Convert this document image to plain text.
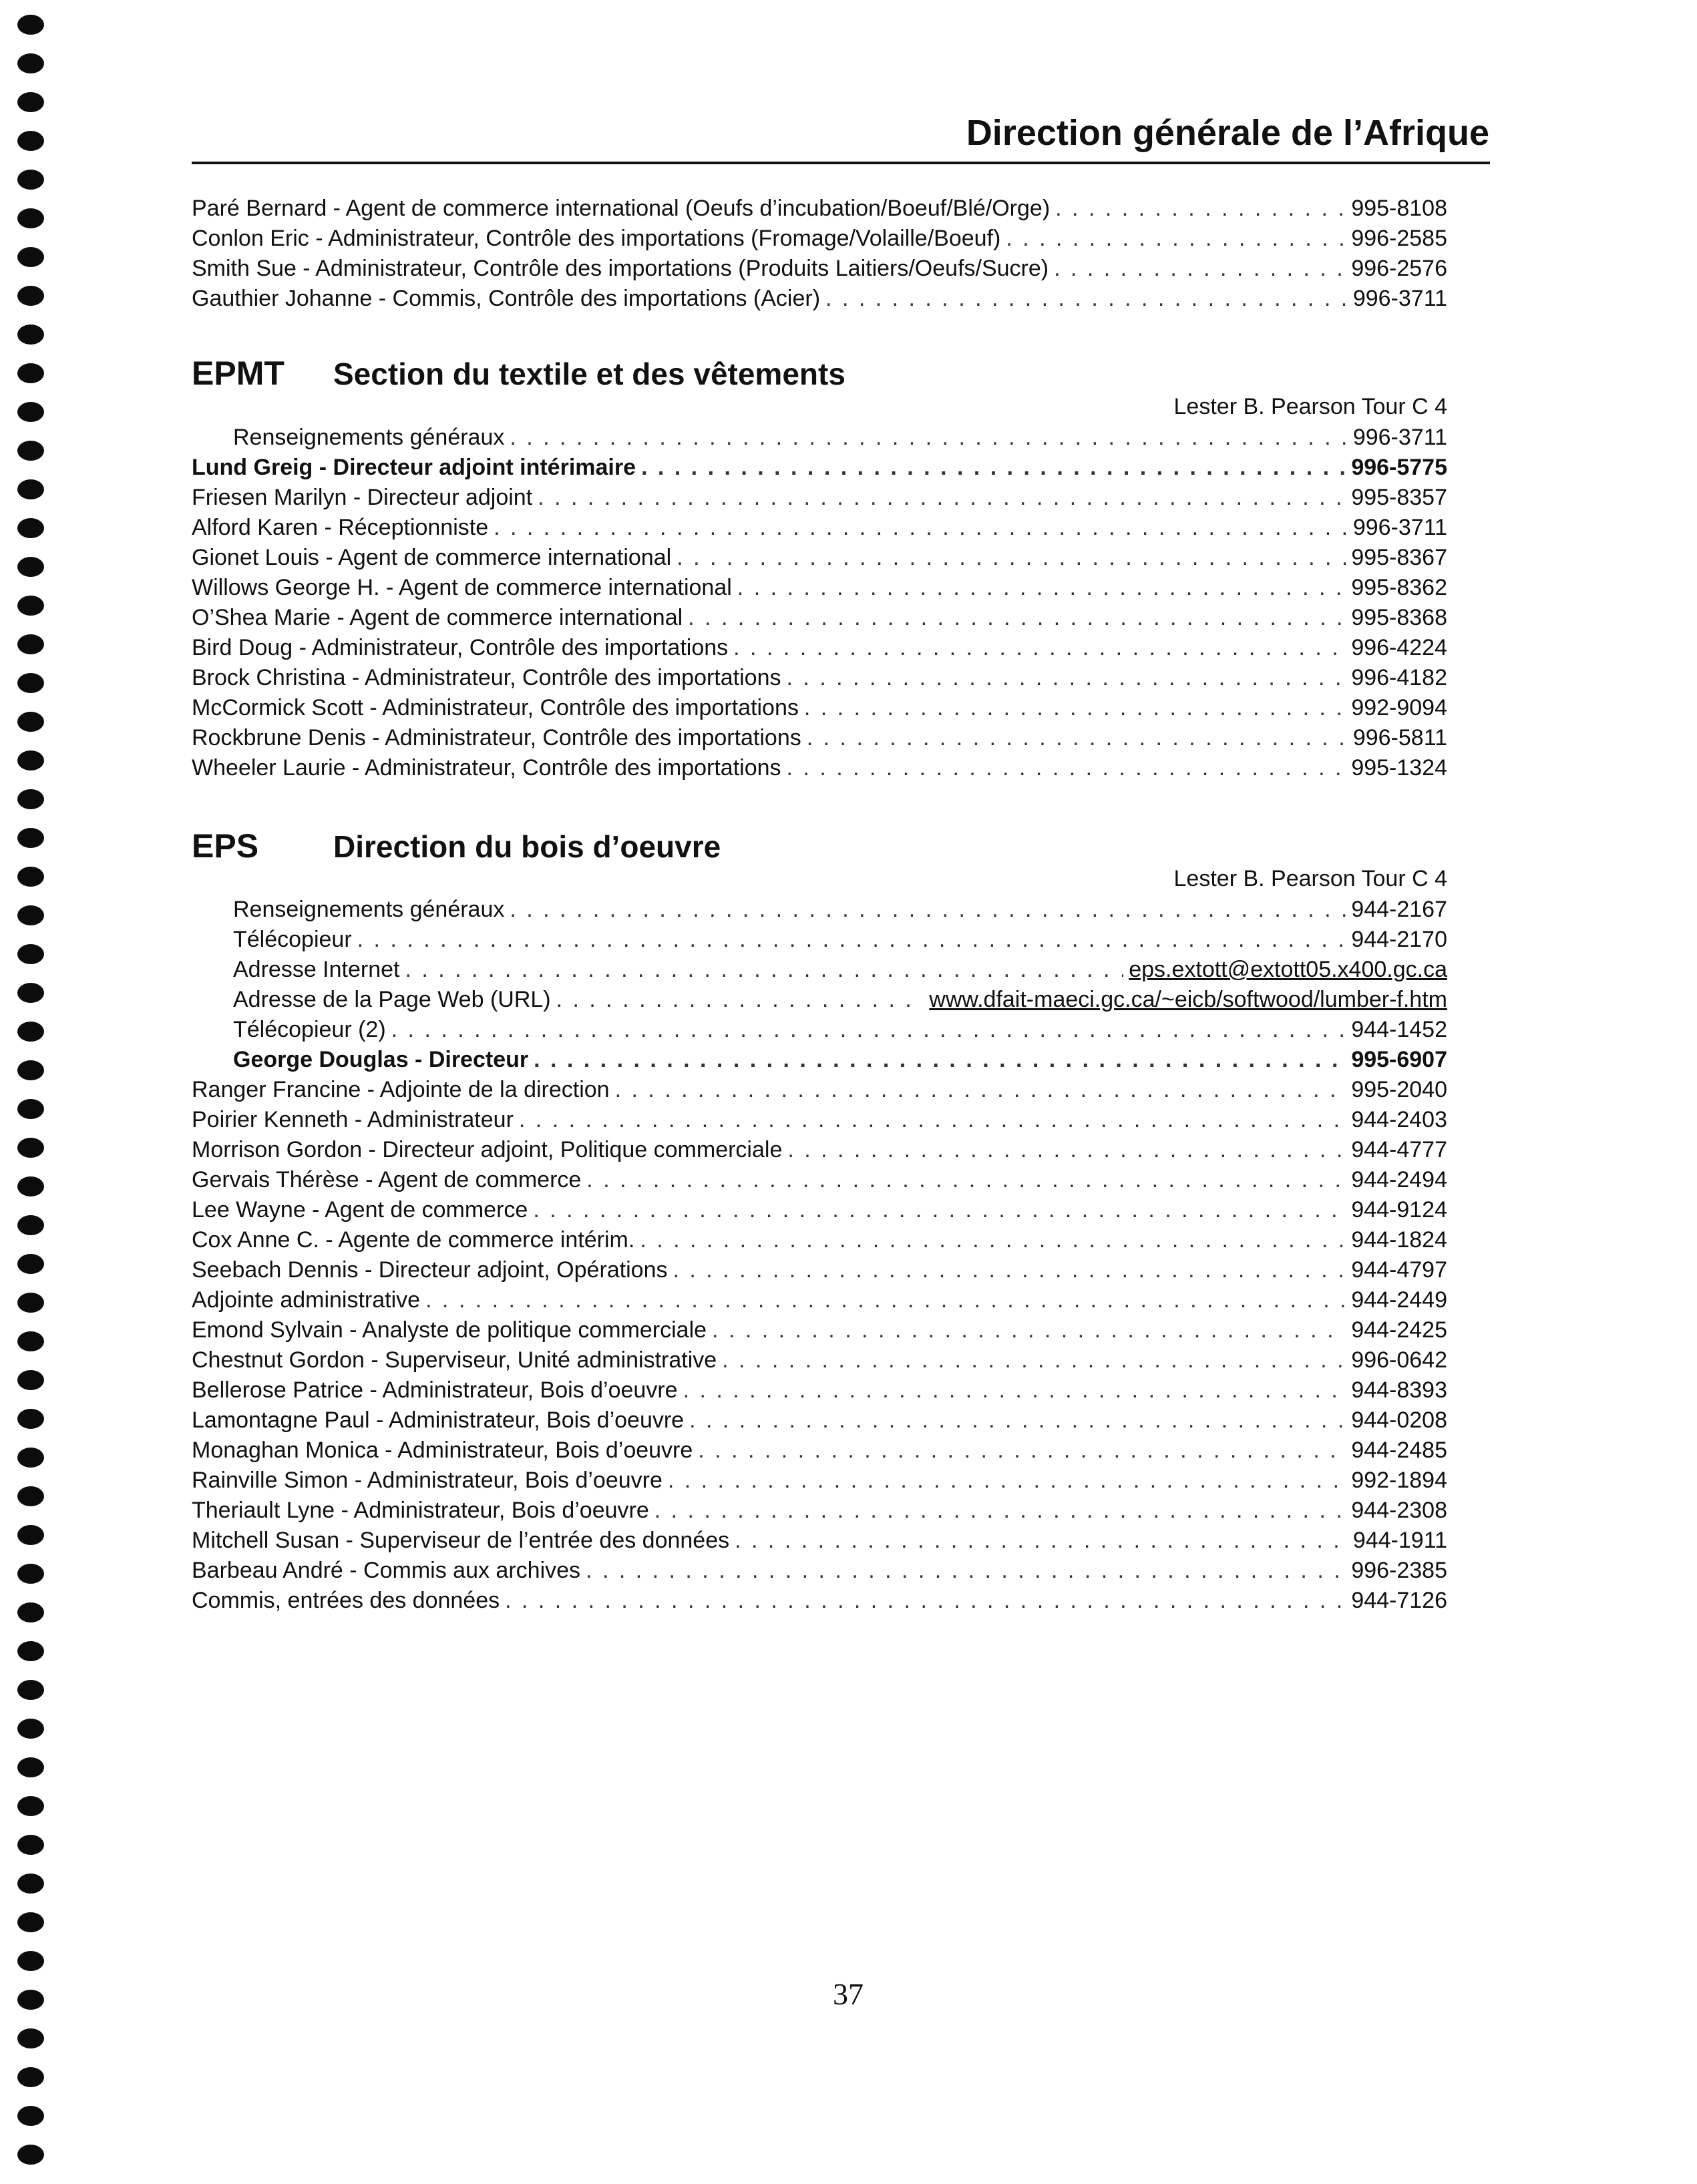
Direction générale de l’Afrique
Paré Bernard - Agent de commerce international (Oeufs d’incubation/Boeuf/Blé/Orge) . . .	995-8108
Conlon Eric - Administrateur, Contrôle des importations (Fromage/Volaille/Boeuf) . . .	996-2585
Smith Sue - Administrateur, Contrôle des importations (Produits Laitiers/Oeufs/Sucre) . . .	996-2576
Gauthier Johanne - Commis, Contrôle des importations (Acier) . . .	996-3711
EPMT	Section du textile et des vêtements
Lester B. Pearson Tour C 4
Renseignements généraux . . .	996-3711
Lund Greig - Directeur adjoint intérimaire . . .	996-5775
Friesen Marilyn - Directeur adjoint . . .	995-8357
Alford Karen - Réceptionniste . . .	996-3711
Gionet Louis - Agent de commerce international . . .	995-8367
Willows George H. - Agent de commerce international . . .	995-8362
O’Shea Marie - Agent de commerce international . . .	995-8368
Bird Doug - Administrateur, Contrôle des importations . . .	996-4224
Brock Christina - Administrateur, Contrôle des importations . . .	996-4182
McCormick Scott - Administrateur, Contrôle des importations . . .	992-9094
Rockbrune Denis - Administrateur, Contrôle des importations . . .	996-5811
Wheeler Laurie - Administrateur, Contrôle des importations . . .	995-1324
EPS	Direction du bois d’oeuvre
Lester B. Pearson Tour C 4
Renseignements généraux . . .	944-2167
Télécopieur . . .	944-2170
Adresse Internet . . .	eps.extott@extott05.x400.gc.ca
Adresse de la Page Web (URL) . . .	www.dfait-maeci.gc.ca/~eicb/softwood/lumber-f.htm
Télécopieur (2) . . .	944-1452
George Douglas - Directeur . . .	995-6907
Ranger Francine - Adjointe de la direction . . .	995-2040
Poirier Kenneth - Administrateur . . .	944-2403
Morrison Gordon - Directeur adjoint, Politique commerciale . . .	944-4777
Gervais Thérèse - Agent de commerce . . .	944-2494
Lee Wayne - Agent de commerce . . .	944-9124
Cox Anne C. - Agente de commerce intérim. . . .	944-1824
Seebach Dennis - Directeur adjoint, Opérations . . .	944-4797
Adjointe administrative . . .	944-2449
Emond Sylvain - Analyste de politique commerciale . . .	944-2425
Chestnut Gordon - Superviseur, Unité administrative . . .	996-0642
Bellerose Patrice - Administrateur, Bois d’oeuvre . . .	944-8393
Lamontagne Paul - Administrateur, Bois d’oeuvre . . .	944-0208
Monaghan Monica - Administrateur, Bois d’oeuvre . . .	944-2485
Rainville Simon - Administrateur, Bois d’oeuvre . . .	992-1894
Theriault Lyne - Administrateur, Bois d’oeuvre . . .	944-2308
Mitchell Susan - Superviseur de l’entrée des données . . .	944-1911
Barbeau André - Commis aux archives . . .	996-2385
Commis, entrées des données . . .	944-7126
37
